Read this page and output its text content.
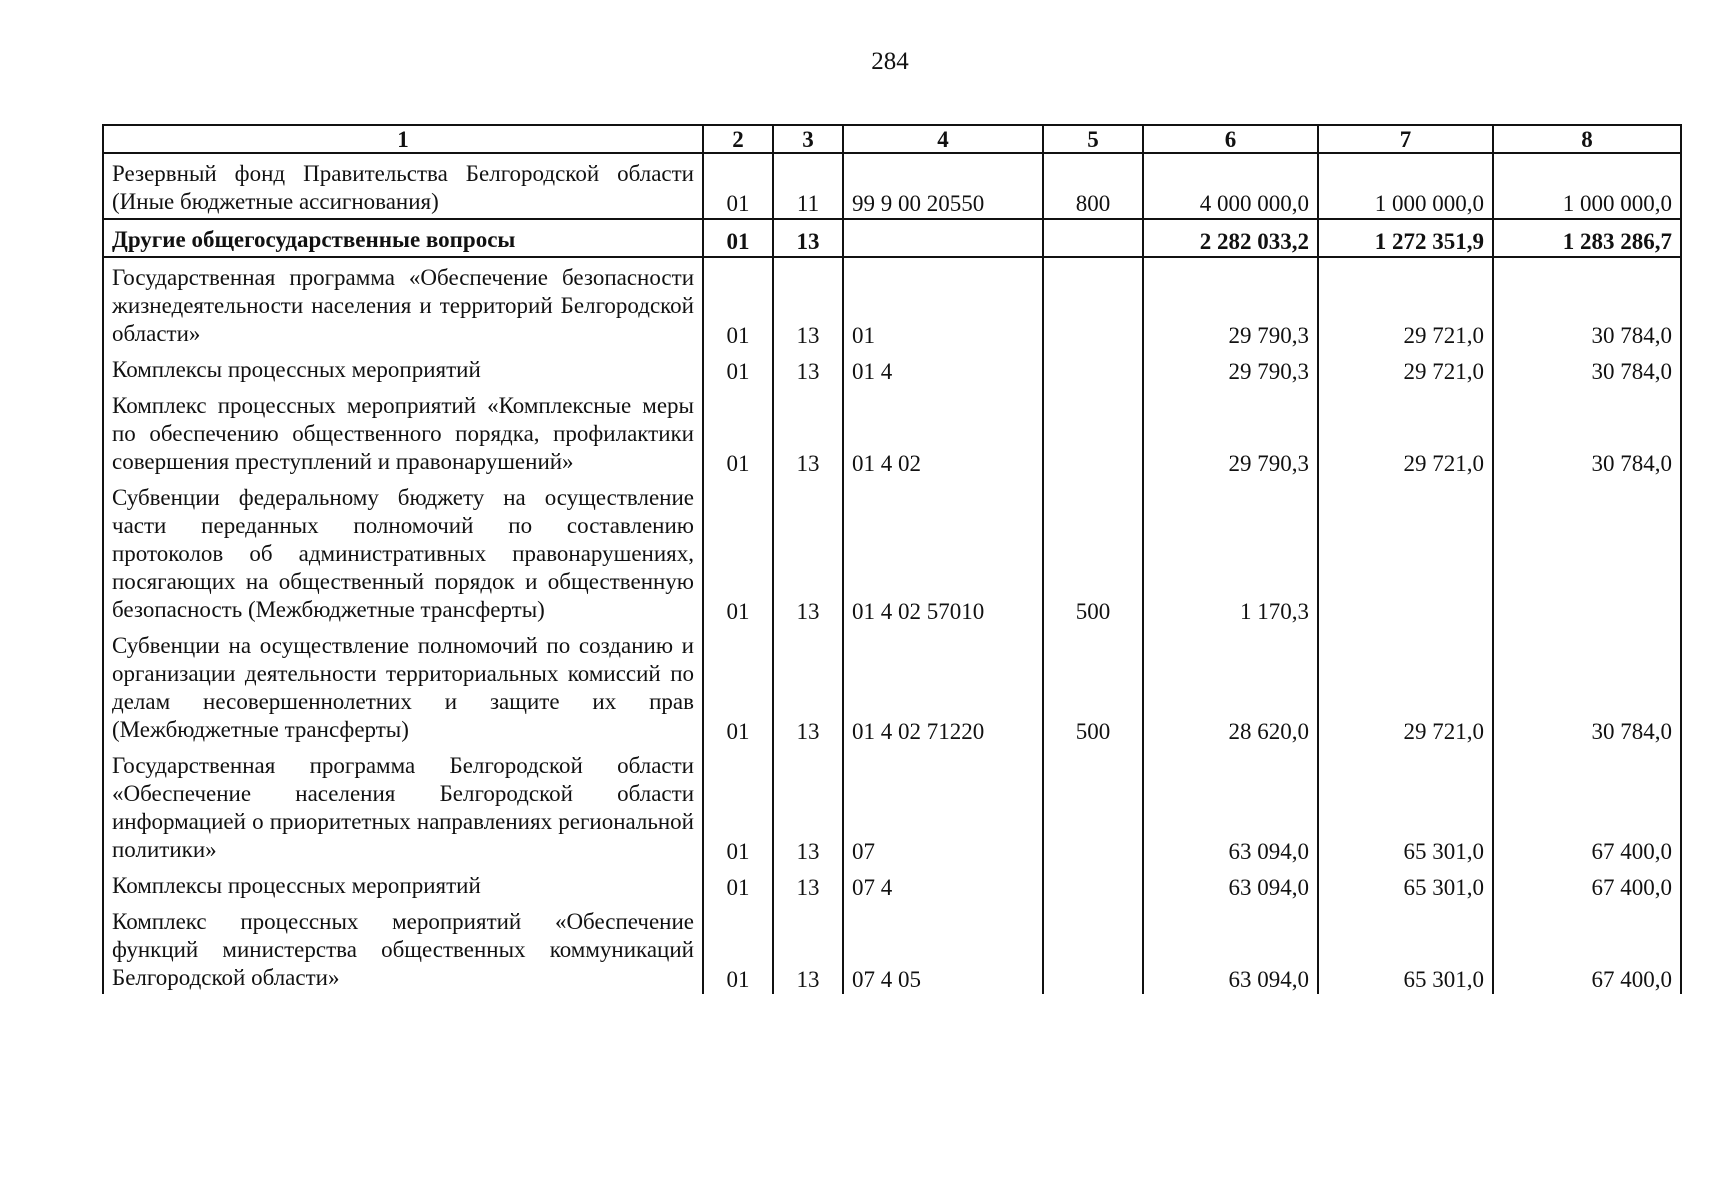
284
1	2	3	4	5	6	7	8
Резервный фонд Правительства Белгородской области (Иные бюджетные ассигнования)	01	11	99 9 00 20550	800	4 000 000,0	1 000 000,0	1 000 000,0
Другие общегосударственные вопросы	01	13			2 282 033,2	1 272 351,9	1 283 286,7
Государственная программа «Обеспечение безопасности жизнедеятельности населения и территорий Белгородской области»	01	13	01		29 790,3	29 721,0	30 784,0
Комплексы процессных мероприятий	01	13	01 4		29 790,3	29 721,0	30 784,0
Комплекс процессных мероприятий «Комплексные меры по обеспечению общественного порядка, профилактики совершения преступлений и правонарушений»	01	13	01 4 02		29 790,3	29 721,0	30 784,0
Субвенции федеральному бюджету на осуществление части переданных полномочий по составлению протоколов об административных правонарушениях, посягающих на общественный порядок и общественную безопасность (Межбюджетные трансферты)	01	13	01 4 02 57010	500	1 170,3		
Субвенции на осуществление полномочий по созданию и организации деятельности территориальных комиссий по делам несовершеннолетних и защите их прав (Межбюджетные трансферты)	01	13	01 4 02 71220	500	28 620,0	29 721,0	30 784,0
Государственная программа Белгородской области «Обеспечение населения Белгородской области информацией о приоритетных направлениях региональной политики»	01	13	07		63 094,0	65 301,0	67 400,0
Комплексы процессных мероприятий	01	13	07 4		63 094,0	65 301,0	67 400,0
Комплекс процессных мероприятий «Обеспечение функций министерства общественных коммуникаций Белгородской области»	01	13	07 4 05		63 094,0	65 301,0	67 400,0
